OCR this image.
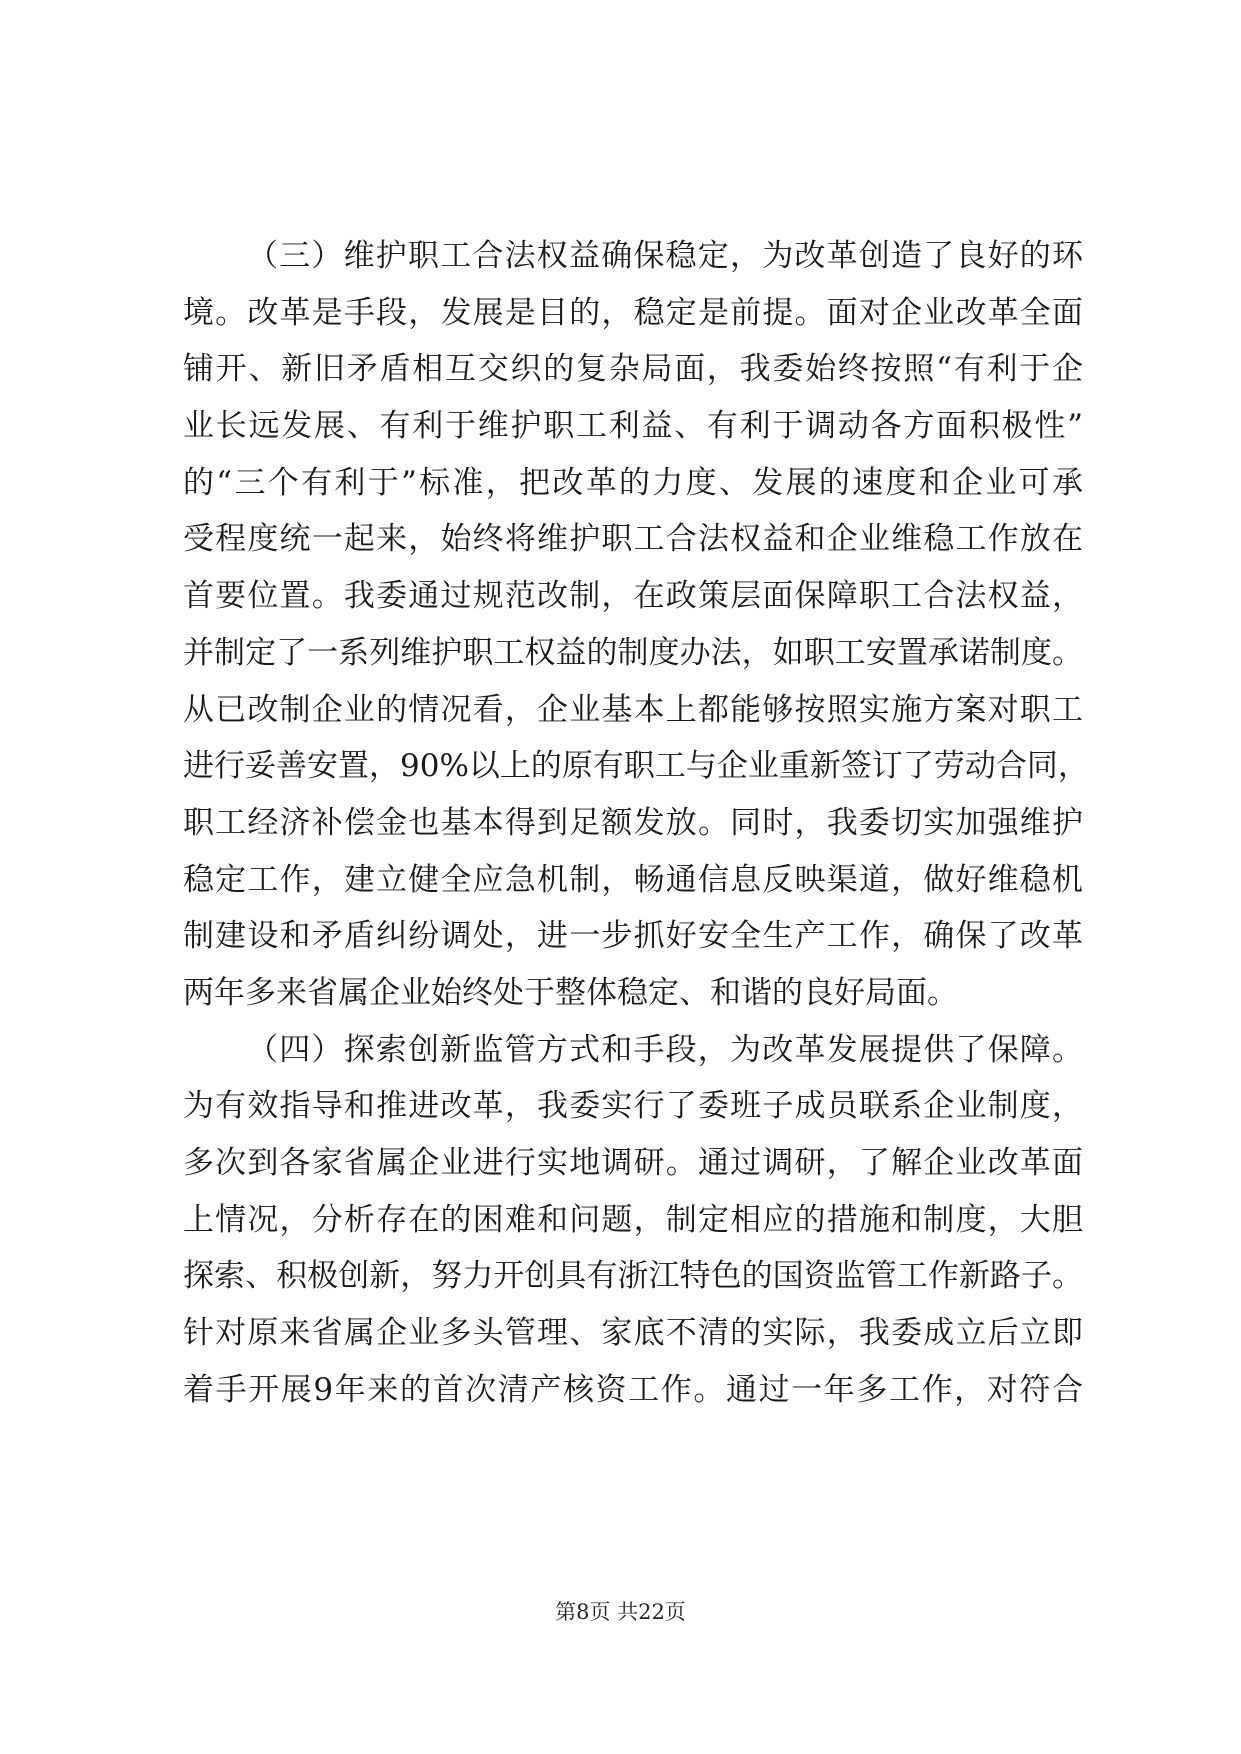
（三）维护职工合法权益确保稳定，为改革创造了良好的环
境。改革是手段，发展是目的，稳定是前提。面对企业改革全面
铺开、新旧矛盾相互交织的复杂局面，我委始终按照“有利于企
业长远发展、有利于维护职工利益、有利于调动各方面积极性”
的“三个有利于”标准，把改革的力度、发展的速度和企业可承
受程度统一起来，始终将维护职工合法权益和企业维稳工作放在
首要位置。我委通过规范改制，在政策层面保障职工合法权益，
并制定了一系列维护职工权益的制度办法，如职工安置承诺制度。
从已改制企业的情况看，企业基本上都能够按照实施方案对职工
进行妥善安置，90%以上的原有职工与企业重新签订了劳动合同，
职工经济补偿金也基本得到足额发放。同时，我委切实加强维护
稳定工作，建立健全应急机制，畅通信息反映渠道，做好维稳机
制建设和矛盾纠纷调处，进一步抓好安全生产工作，确保了改革
两年多来省属企业始终处于整体稳定、和谐的良好局面。
（四）探索创新监管方式和手段，为改革发展提供了保障。
为有效指导和推进改革，我委实行了委班子成员联系企业制度，
多次到各家省属企业进行实地调研。通过调研，了解企业改革面
上情况，分析存在的困难和问题，制定相应的措施和制度，大胆
探索、积极创新，努力开创具有浙江特色的国资监管工作新路子。
针对原来省属企业多头管理、家底不清的实际，我委成立后立即
着手开展9年来的首次清产核资工作。通过一年多工作，对符合
第8页 共22页
